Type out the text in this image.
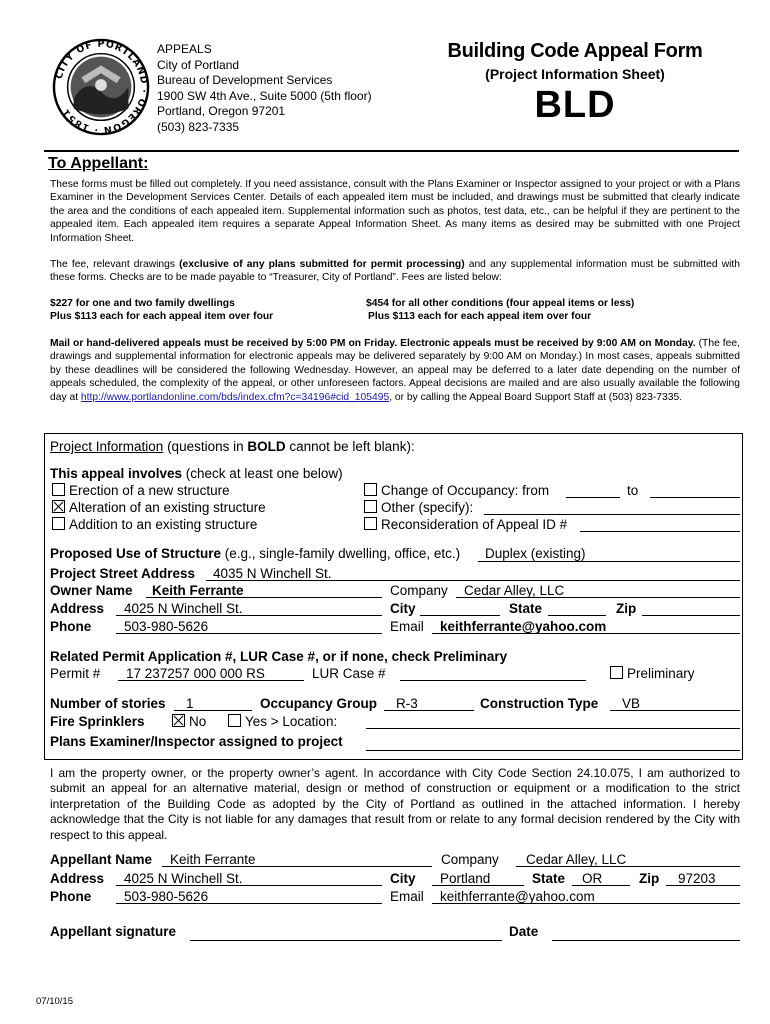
CITY OF PORTLAND · OREGON · 1851
APPEALS
City of Portland
Bureau of Development Services
1900 SW 4th Ave., Suite 5000 (5th floor)
Portland, Oregon 97201
(503) 823-7335
Building Code Appeal Form
(Project Information Sheet)
BLD
To Appellant:
These forms must be filled out completely. If you need assistance, consult with the Plans Examiner or Inspector assigned to your project or with a Plans Examiner in the Development Services Center. Details of each appealed item must be included, and drawings must be submitted that clearly indicate the area and the conditions of each appealed item. Supplemental information such as photos, test data, etc., can be helpful if they are pertinent to the appealed item. Each appealed item requires a separate Appeal Information Sheet. As many items as desired may be submitted with one Project Information Sheet.
The fee, relevant drawings (exclusive of any plans submitted for permit processing) and any supplemental information must be submitted with these forms. Checks are to be made payable to “Treasurer, City of Portland”. Fees are listed below:
$227 for one and two family dwellings
Plus $113 each for each appeal item over four
$454 for all other conditions (four appeal items or less)
Plus $113 each for each appeal item over four
Mail or hand-delivered appeals must be received by 5:00 PM on Friday. Electronic appeals must be received by 9:00 AM on Monday. (The fee, drawings and supplemental information for electronic appeals may be delivered separately by 9:00 AM on Monday.) In most cases, appeals submitted by these deadlines will be considered the following Wednesday. However, an appeal may be deferred to a later date depending on the number of appeals scheduled, the complexity of the appeal, or other unforeseen factors. Appeal decisions are mailed and are also usually available the following day at http://www.portlandonline.com/bds/index.cfm?c=34196#cid_105495, or by calling the Appeal Board Support Staff at (503) 823-7335.
Project Information (questions in BOLD cannot be left blank):
This appeal involves (check at least one below)
Erection of a new structure
Alteration of an existing structure
Addition to an existing structure
Change of Occupancy: from	to
Other (specify):
Reconsideration of Appeal ID #
Proposed Use of Structure (e.g., single-family dwelling, office, etc.) Duplex (existing)
Project Street Address 4035 N Winchell St.
Owner Name Keith Ferrante	Company Cedar Alley, LLC
Address 4025 N Winchell St.	City	State	Zip
Phone 503-980-5626	Email keithferrante@yahoo.com
Related Permit Application #, LUR Case #, or if none, check Preliminary
Permit # 17 237257 000 000 RS	LUR Case #	Preliminary
Number of stories 1	Occupancy Group R-3	Construction Type VB
Fire Sprinklers	No	Yes > Location:
Plans Examiner/Inspector assigned to project
I am the property owner, or the property owner’s agent. In accordance with City Code Section 24.10.075, I am authorized to submit an appeal for an alternative material, design or method of construction or equipment or a modification to the strict interpretation of the Building Code as adopted by the City of Portland as outlined in the attached information. I hereby acknowledge that the City is not liable for any damages that result from or relate to any formal decision rendered by the City with respect to this appeal.
Appellant Name Keith Ferrante	Company Cedar Alley, LLC
Address 4025 N Winchell St.	City Portland	State OR	Zip 97203
Phone 503-980-5626	Email keithferrante@yahoo.com
Appellant signature	Date
07/10/15
